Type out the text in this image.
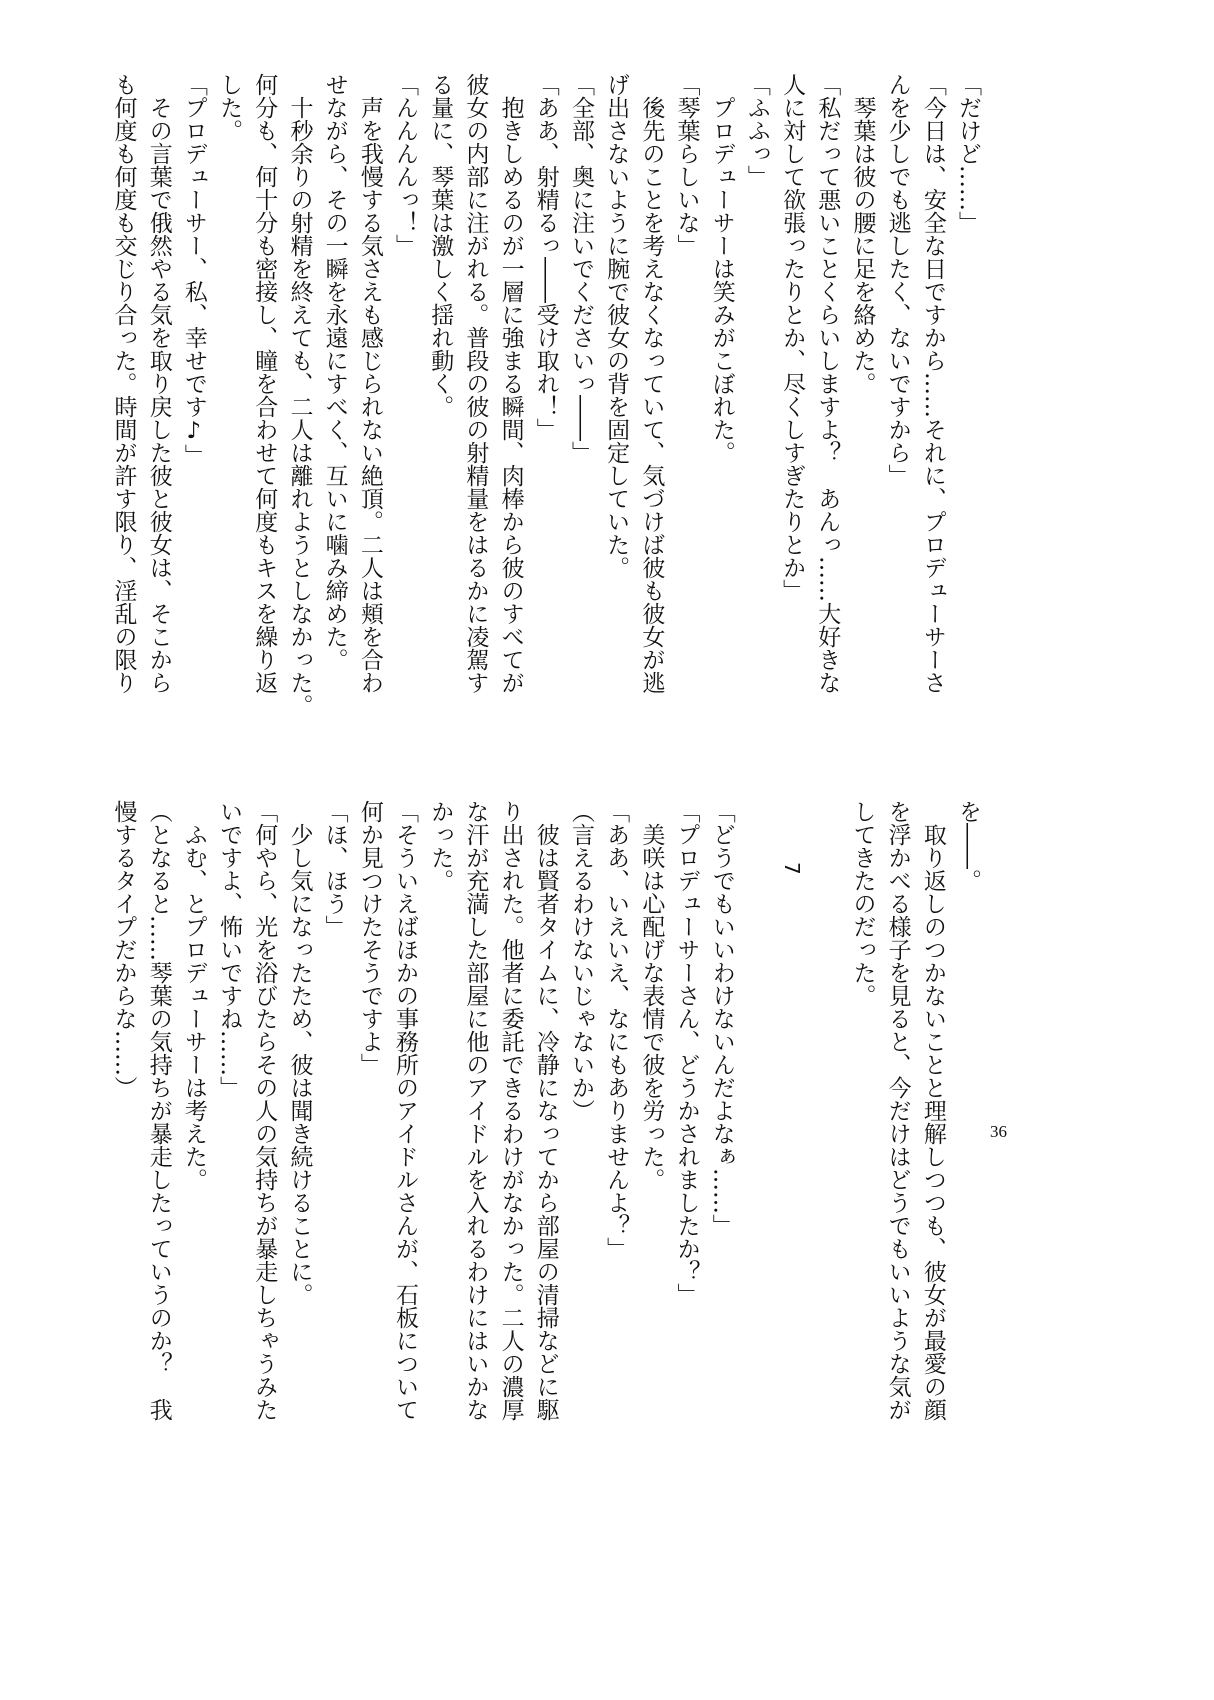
「だけど……」
「今日は、安全な日ですから……それに、プロデューサーさ
んを少しでも逃したく、ないですから」
　琴葉は彼の腰に足を絡めた。
「私だって悪いことくらいしますよ？　あんっ……大好きな
人に対して欲張ったりとか、尽くしすぎたりとか」
「ふふっ」
　プロデューサーは笑みがこぼれた。
「琴葉らしいな」
　後先のことを考えなくなっていて、気づけば彼も彼女が逃
げ出さないように腕で彼女の背を固定していた。
「全部、奥に注いでくださいっ――」
「ああ、射精るっ――受け取れ！」
　抱きしめるのが一層に強まる瞬間、肉棒から彼のすべてが
彼女の内部に注がれる。普段の彼の射精量をはるかに凌駕す
る量に、琴葉は激しく揺れ動く。
「んんんんっ！」
　声を我慢する気さえも感じられない絶頂。二人は頬を合わ
せながら、その一瞬を永遠にすべく、互いに噛み締めた。
　十秒余りの射精を終えても、二人は離れようとしなかった。
何分も、何十分も密接し、瞳を合わせて何度もキスを繰り返
した。
「プロデューサー、私、幸せです♪」
　その言葉で俄然やる気を取り戻した彼と彼女は、そこから
も何度も何度も交じり合った。時間が許す限り、淫乱の限り
を――。
　取り返しのつかないことと理解しつつも、彼女が最愛の顔
を浮かべる様子を見ると、今だけはどうでもいいような気が
してきたのだった。
7
「どうでもいいわけないんだよなぁ……」
「プロデューサーさん、どうかされましたか？」
　美咲は心配げな表情で彼を労った。
「ああ、いえいえ、なにもありませんよ？」
（言えるわけないじゃないか）
　彼は賢者タイムに、冷静になってから部屋の清掃などに駆
り出された。他者に委託できるわけがなかった。二人の濃厚
な汗が充満した部屋に他のアイドルを入れるわけにはいかな
かった。
「そういえばほかの事務所のアイドルさんが、石板について
何か見つけたそうですよ」
「ほ、ほう」
　少し気になったため、彼は聞き続けることに。
「何やら、光を浴びたらその人の気持ちが暴走しちゃうみた
いですよ、怖いですね……」
　ふむ、とプロデューサーは考えた。
（となると……琴葉の気持ちが暴走したっていうのか？　我
慢するタイプだからな……）
36
